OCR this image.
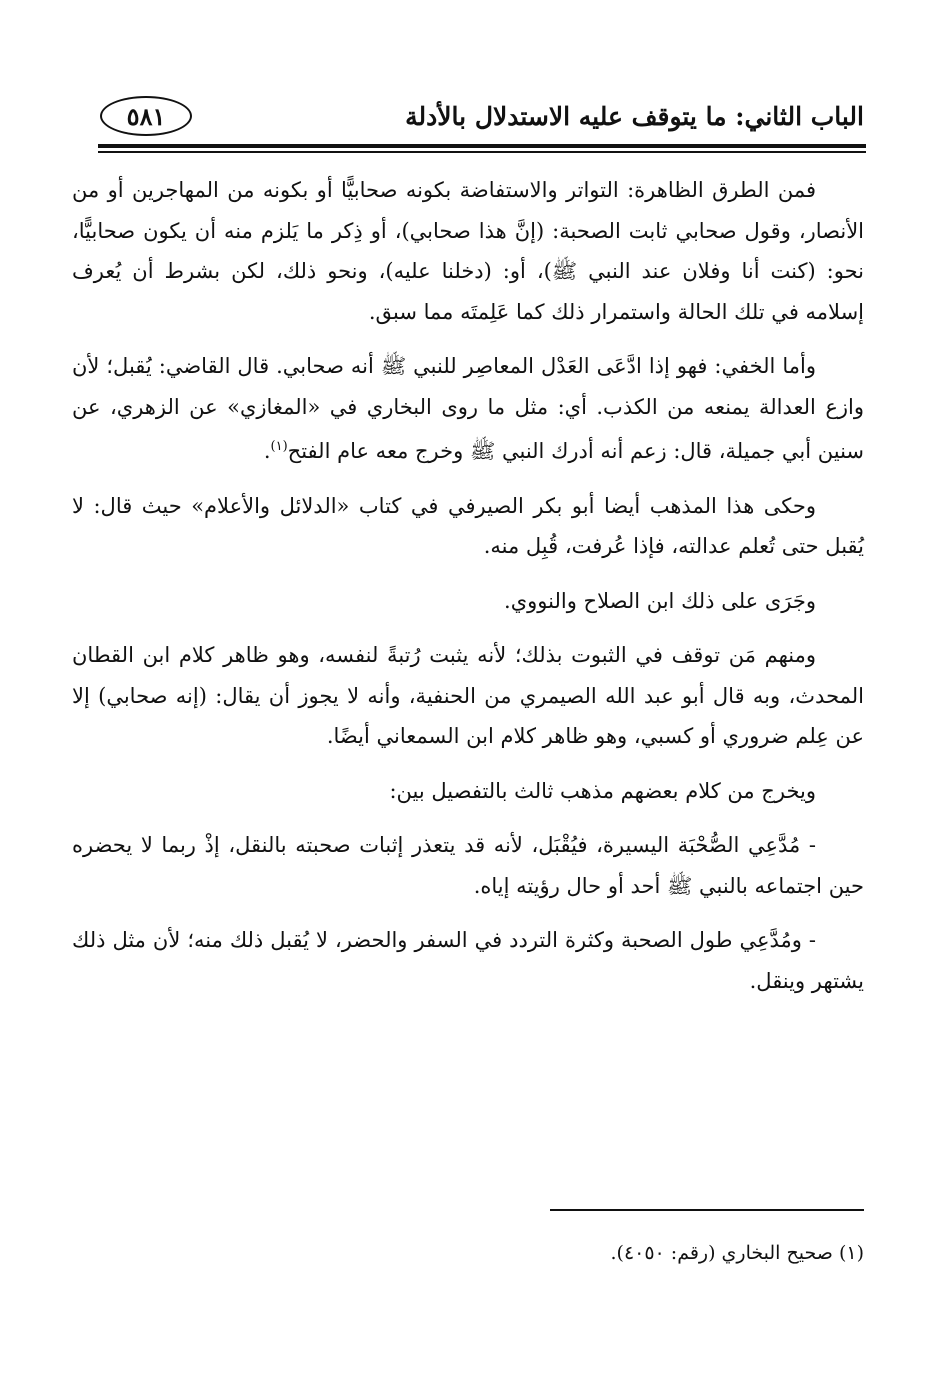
الباب الثاني: ما يتوقف عليه الاستدلال بالأدلة
٥٨١

فمن الطرق الظاهرة: التواتر والاستفاضة بكونه صحابيًّا أو بكونه من المهاجرين أو من الأنصار، وقول صحابي ثابت الصحبة: (إنَّ هذا صحابي)، أو ذِكر ما يَلزم منه أن يكون صحابيًّا، نحو: (كنت أنا وفلان عند النبي ﷺ)، أو: (دخلنا عليه)، ونحو ذلك، لكن بشرط أن يُعرف إسلامه في تلك الحالة واستمرار ذلك كما عَلِمتَه مما سبق.

وأما الخفي: فهو إذا ادَّعَى العَدْل المعاصِر للنبي ﷺ أنه صحابي. قال القاضي: يُقبل؛ لأن وازع العدالة يمنعه من الكذب. أي: مثل ما روى البخاري في «المغازي» عن الزهري، عن سنين أبي جميلة، قال: زعم أنه أدرك النبي ﷺ وخرج معه عام الفتح$^{(١)}$.

وحكى هذا المذهب أيضا أبو بكر الصيرفي في كتاب «الدلائل والأعلام» حيث قال: لا يُقبل حتى تُعلم عدالته، فإذا عُرفت، قُبِل منه.

وجَرَى على ذلك ابن الصلاح والنووي.

ومنهم مَن توقف في الثبوت بذلك؛ لأنه يثبت رُتبةً لنفسه، وهو ظاهر كلام ابن القطان المحدث، وبه قال أبو عبد الله الصيمري من الحنفية، وأنه لا يجوز أن يقال: (إنه صحابي) إلا عن عِلم ضروري أو كسبي، وهو ظاهر كلام ابن السمعاني أيضًا.

ويخرج من كلام بعضهم مذهب ثالث بالتفصيل بين:

- مُدَّعِي الصُّحْبَة اليسيرة، فيُقْبَل، لأنه قد يتعذر إثبات صحبته بالنقل، إذْ ربما لا يحضره حين اجتماعه بالنبي ﷺ أحد أو حال رؤيته إياه.

- ومُدَّعِي طول الصحبة وكثرة التردد في السفر والحضر، لا يُقبل ذلك منه؛ لأن مثل ذلك يشتهر وينقل.

(١) صحيح البخاري (رقم: ٤٠٥٠).
